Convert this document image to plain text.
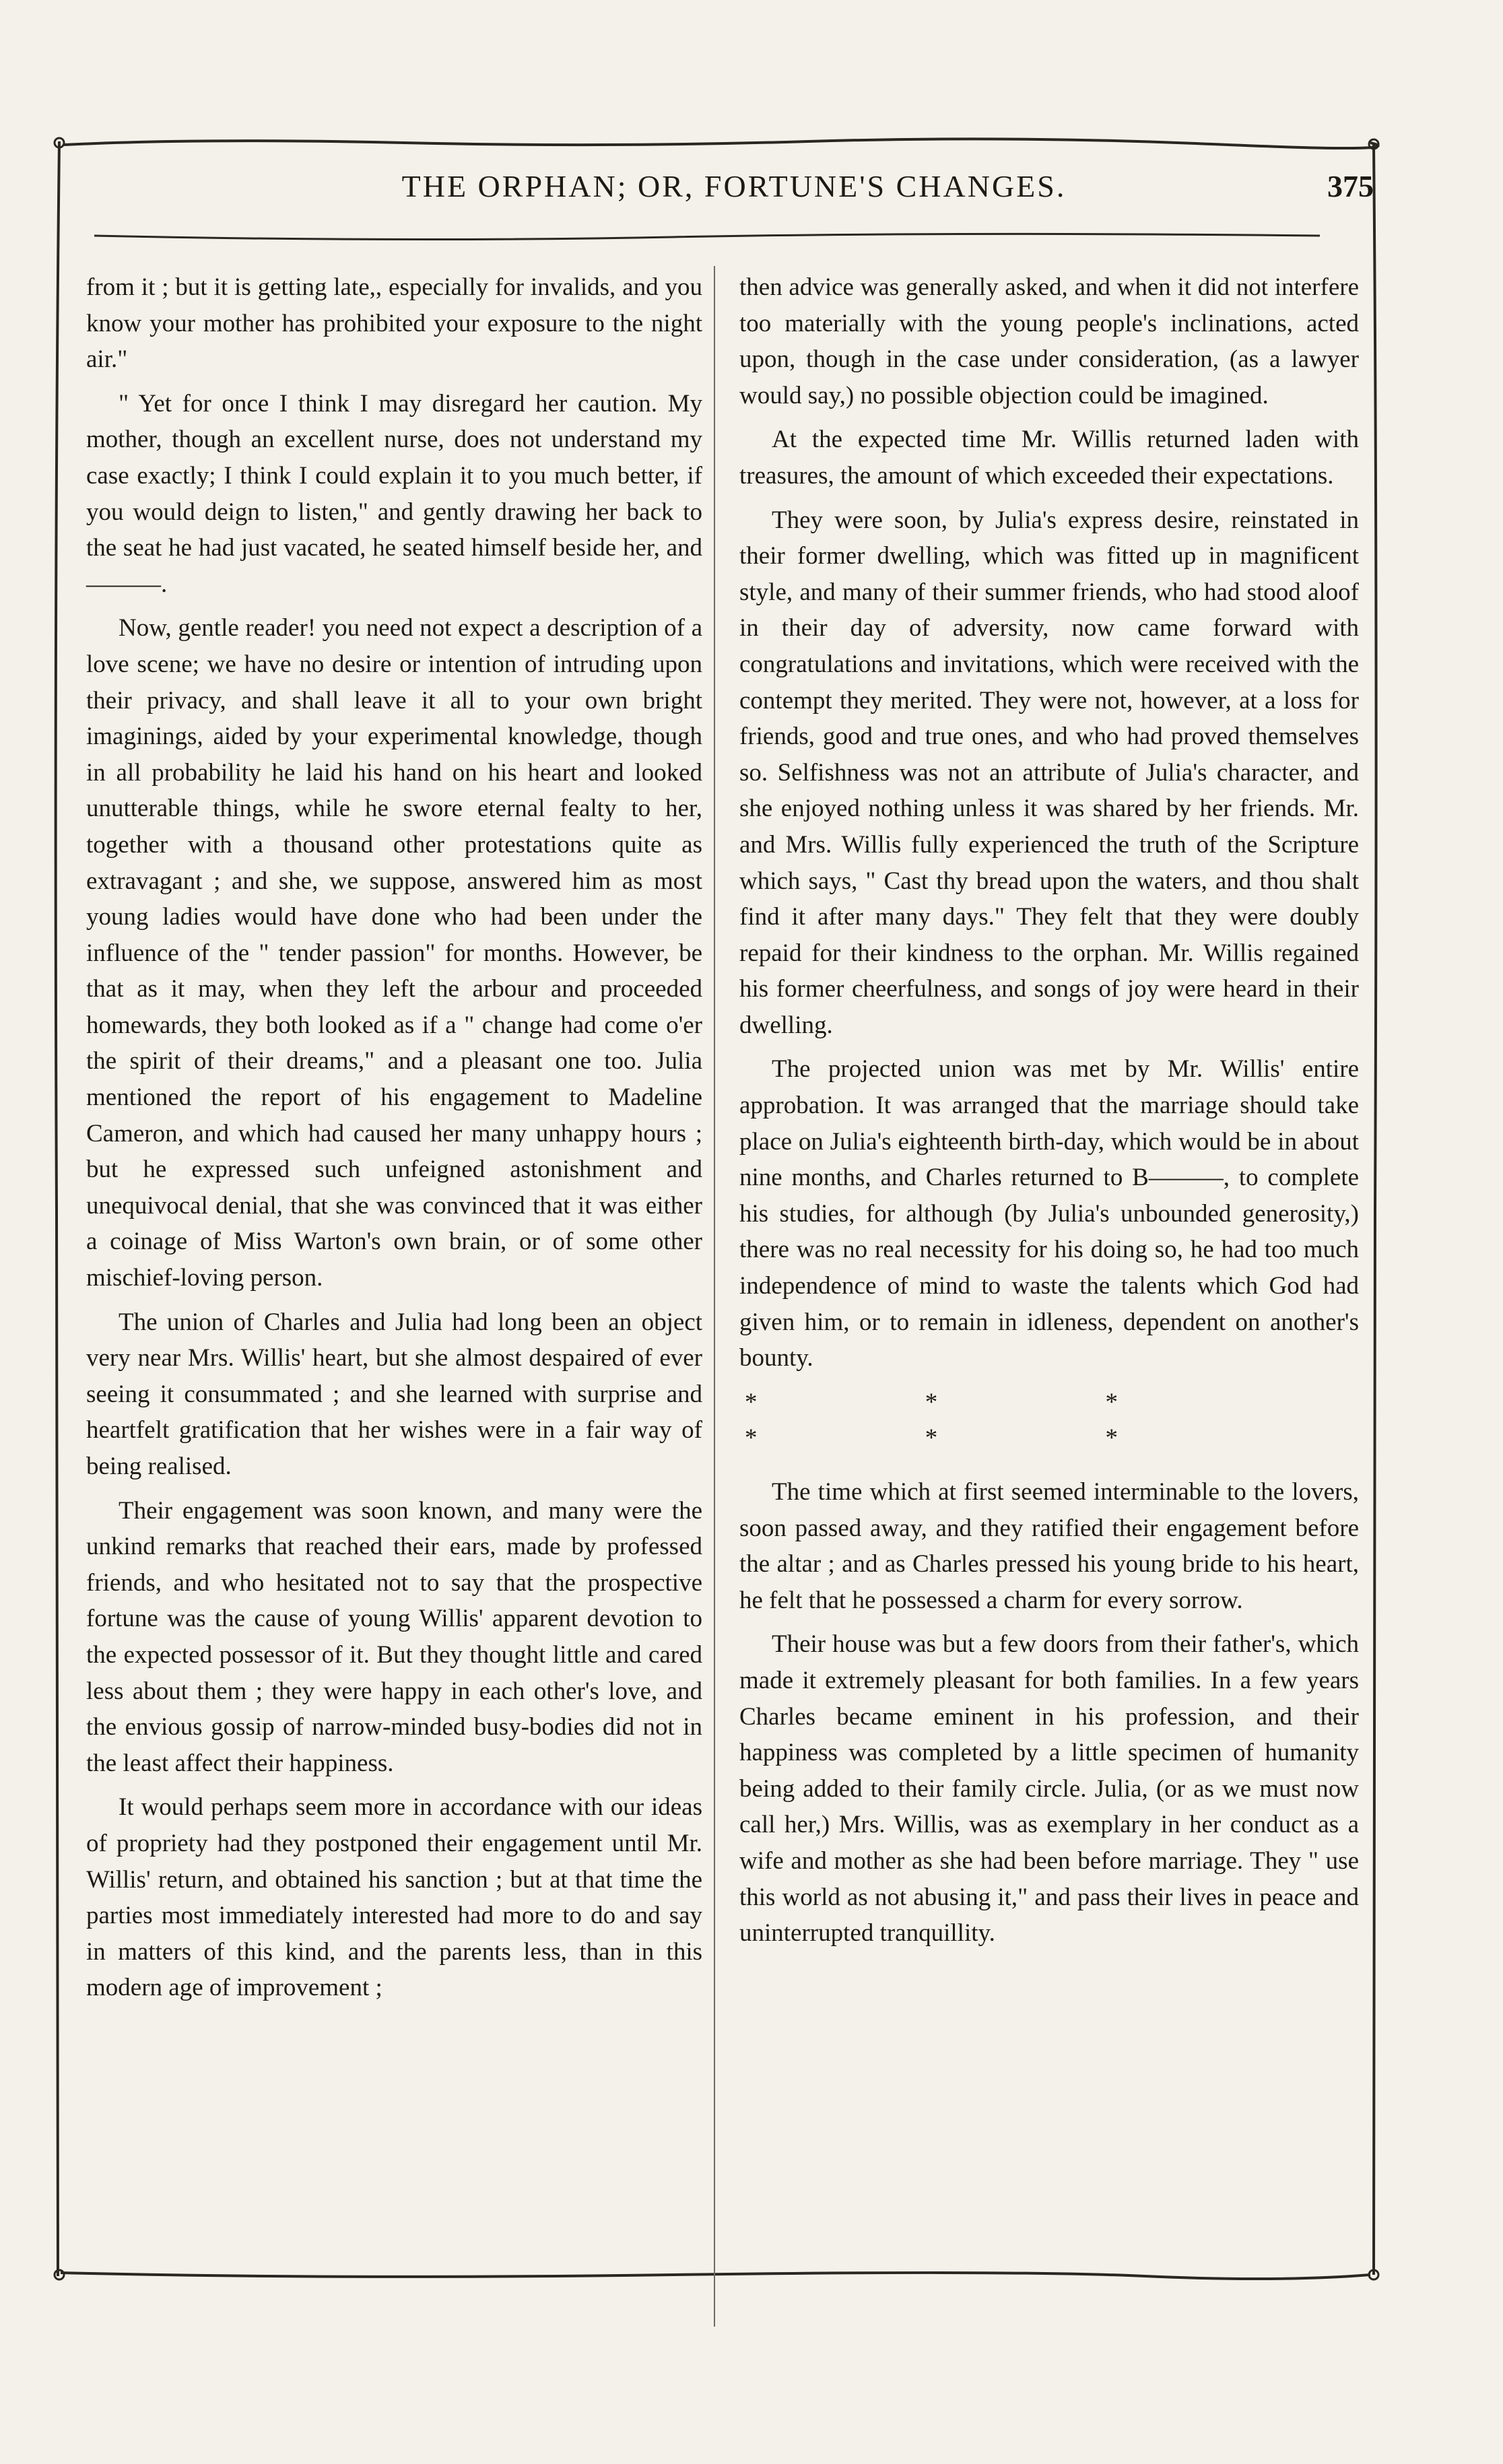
THE ORPHAN; OR, FORTUNE'S CHANGES.	375

from it ; but it is getting late,, especially for invalids, and you know your mother has prohibited your exposure to the night air."

" Yet for once I think I may disregard her caution. My mother, though an excellent nurse, does not understand my case exactly; I think I could explain it to you much better, if you would deign to listen," and gently drawing her back to the seat he had just vacated, he seated himself beside her, and ———.

Now, gentle reader! you need not expect a description of a love scene; we have no desire or intention of intruding upon their privacy, and shall leave it all to your own bright imaginings, aided by your experimental knowledge, though in all probability he laid his hand on his heart and looked unutterable things, while he swore eternal fealty to her, together with a thousand other protestations quite as extravagant ; and she, we suppose, answered him as most young ladies would have done who had been under the influence of the " tender passion" for months. However, be that as it may, when they left the arbour and proceeded homewards, they both looked as if a " change had come o'er the spirit of their dreams," and a pleasant one too. Julia mentioned the report of his engagement to Madeline Cameron, and which had caused her many unhappy hours ; but he expressed such unfeigned astonishment and unequivocal denial, that she was convinced that it was either a coinage of Miss Warton's own brain, or of some other mischief-loving person.

The union of Charles and Julia had long been an object very near Mrs. Willis' heart, but she almost despaired of ever seeing it consummated ; and she learned with surprise and heartfelt gratification that her wishes were in a fair way of being realised.

Their engagement was soon known, and many were the unkind remarks that reached their ears, made by professed friends, and who hesitated not to say that the prospective fortune was the cause of young Willis' apparent devotion to the expected possessor of it. But they thought little and cared less about them ; they were happy in each other's love, and the envious gossip of narrow-minded busy-bodies did not in the least affect their happiness.

It would perhaps seem more in accordance with our ideas of propriety had they postponed their engagement until Mr. Willis' return, and obtained his sanction ; but at that time the parties most immediately interested had more to do and say in matters of this kind, and the parents less, than in this modern age of improvement ;

then advice was generally asked, and when it did not interfere too materially with the young people's inclinations, acted upon, though in the case under consideration, (as a lawyer would say,) no possible objection could be imagined.

At the expected time Mr. Willis returned laden with treasures, the amount of which exceeded their expectations.

They were soon, by Julia's express desire, reinstated in their former dwelling, which was fitted up in magnificent style, and many of their summer friends, who had stood aloof in their day of adversity, now came forward with congratulations and invitations, which were received with the contempt they merited. They were not, however, at a loss for friends, good and true ones, and who had proved themselves so. Selfishness was not an attribute of Julia's character, and she enjoyed nothing unless it was shared by her friends. Mr. and Mrs. Willis fully experienced the truth of the Scripture which says, " Cast thy bread upon the waters, and thou shalt find it after many days." They felt that they were doubly repaid for their kindness to the orphan. Mr. Willis regained his former cheerfulness, and songs of joy were heard in their dwelling.

The projected union was met by Mr. Willis' entire approbation. It was arranged that the marriage should take place on Julia's eighteenth birth-day, which would be in about nine months, and Charles returned to B———, to complete his studies, for although (by Julia's unbounded generosity,) there was no real necessity for his doing so, he had too much independence of mind to waste the talents which God had given him, or to remain in idleness, dependent on another's bounty.

* * * * * *

The time which at first seemed interminable to the lovers, soon passed away, and they ratified their engagement before the altar ; and as Charles pressed his young bride to his heart, he felt that he possessed a charm for every sorrow.

Their house was but a few doors from their father's, which made it extremely pleasant for both families. In a few years Charles became eminent in his profession, and their happiness was completed by a little specimen of humanity being added to their family circle. Julia, (or as we must now call her,) Mrs. Willis, was as exemplary in her conduct as a wife and mother as she had been before marriage. They " use this world as not abusing it," and pass their lives in peace and uninterrupted tranquillity.
